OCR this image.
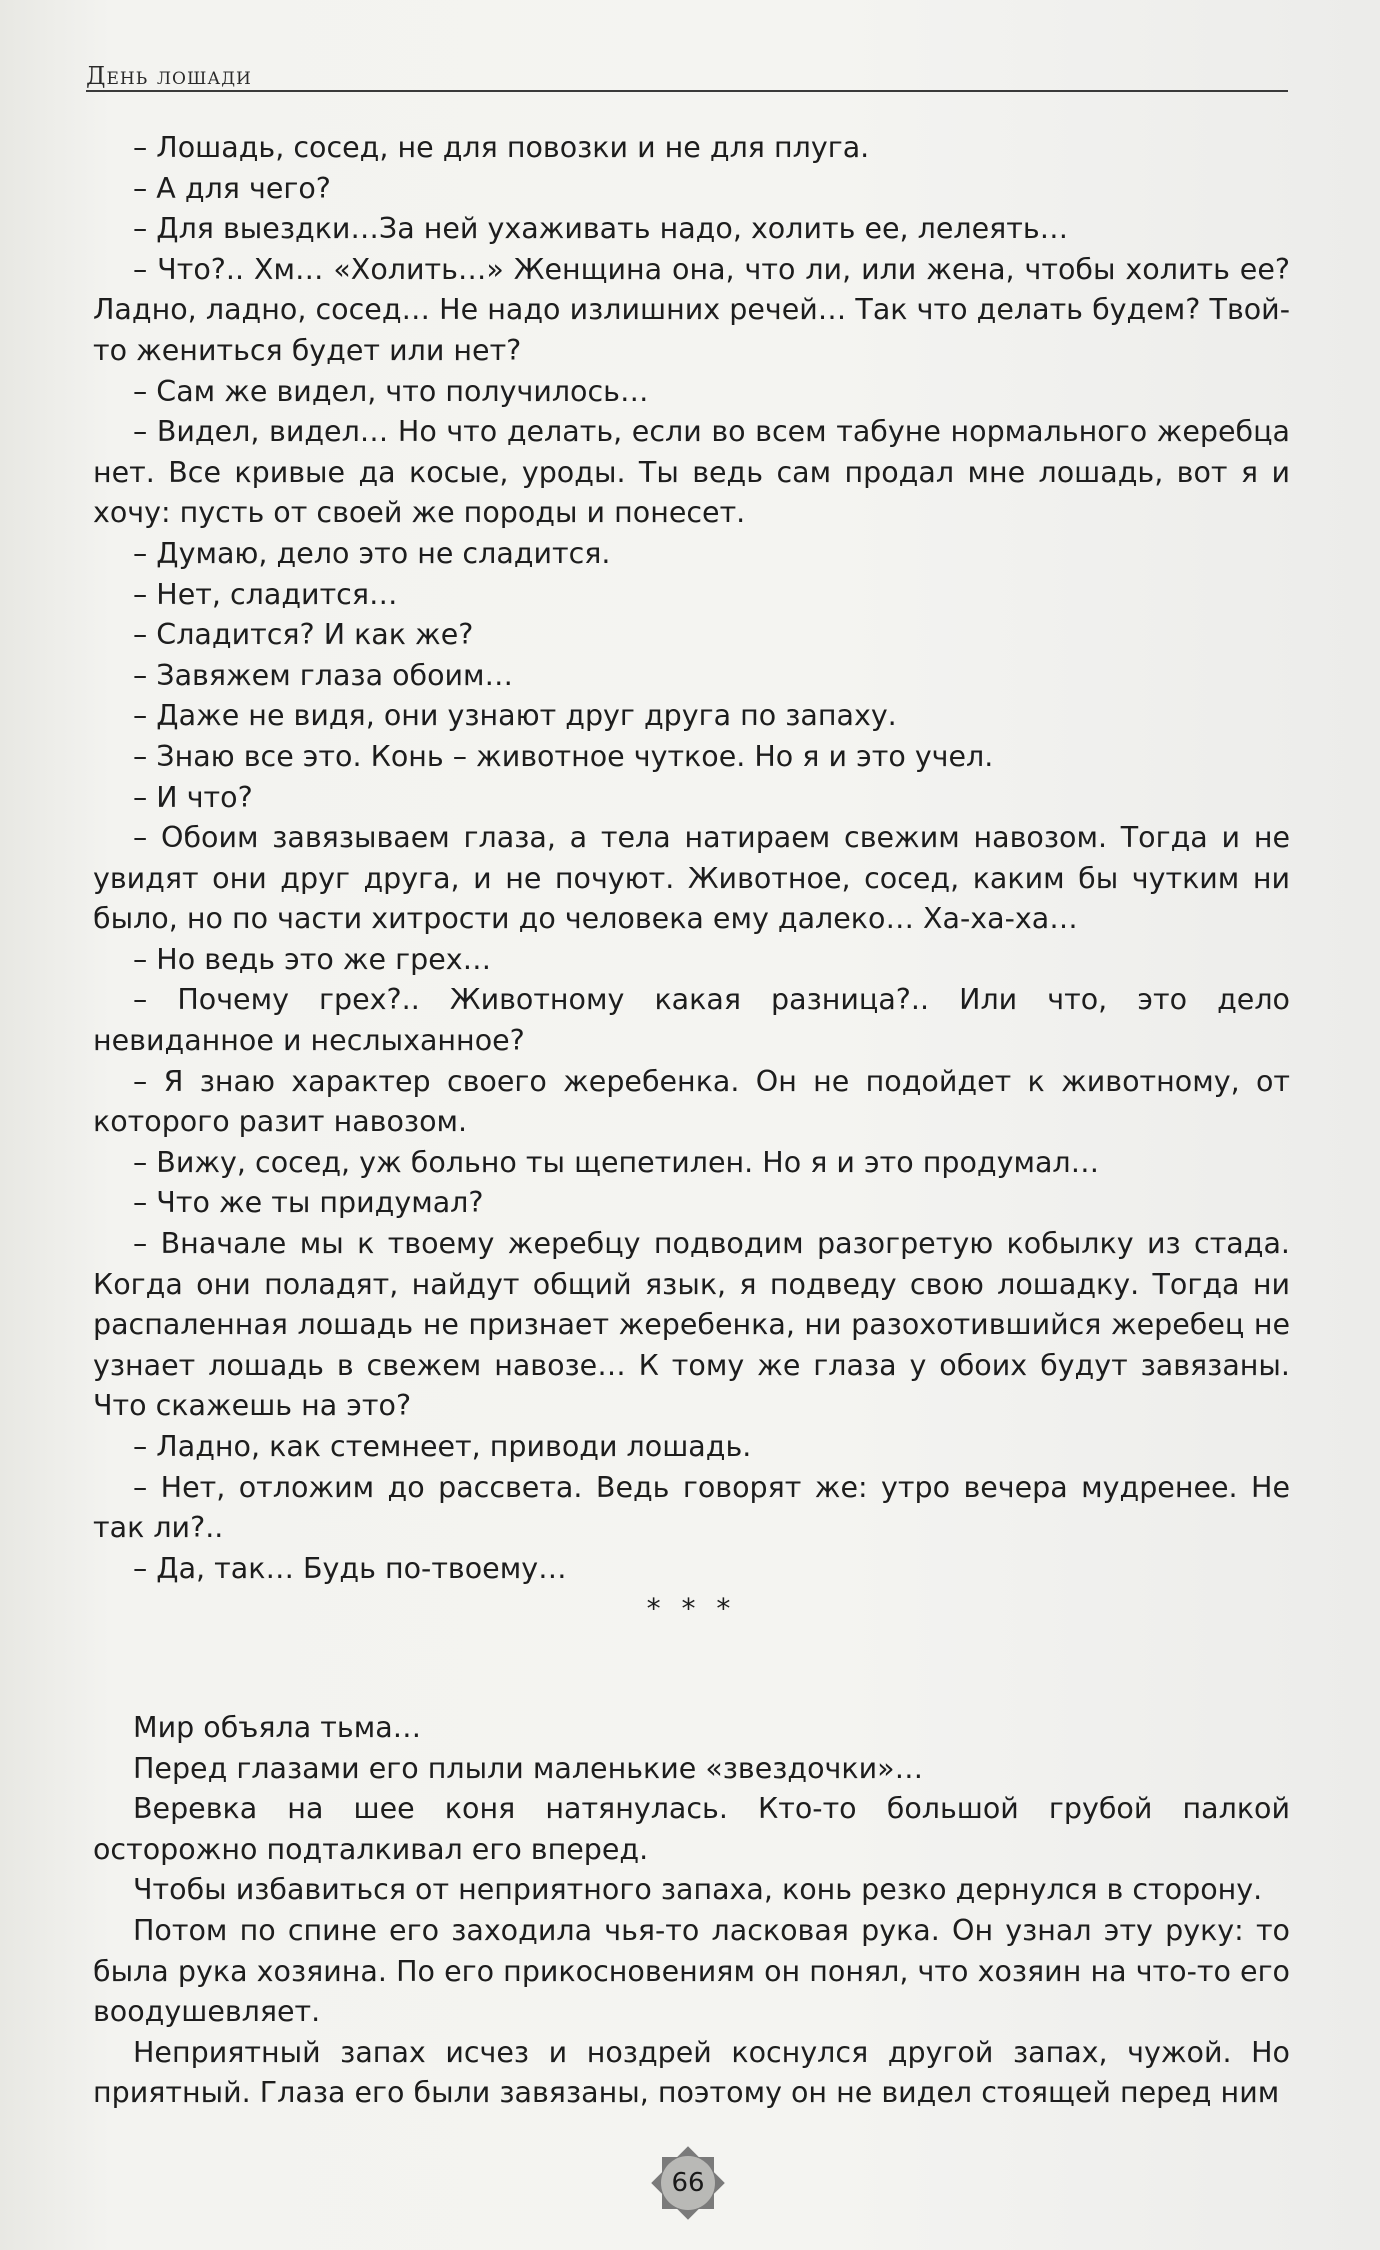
День лошади

– Лошадь, сосед, не для повозки и не для плуга.

– А для чего?

– Для выездки…За ней ухаживать надо, холить ее, лелеять…

– Что?.. Хм… «Холить…» Женщина она, что ли, или жена, чтобы холить ее? Ладно, ладно, сосед… Не надо излишних речей… Так что делать будем? Твой-то жениться будет или нет?

– Сам же видел, что получилось…

– Видел, видел… Но что делать, если во всем табуне нормального жеребца нет. Все кривые да косые, уроды. Ты ведь сам продал мне лошадь, вот я и хочу: пусть от своей же породы и понесет.

– Думаю, дело это не сладится.

– Нет, сладится…

– Сладится? И как же?

– Завяжем глаза обоим…

– Даже не видя, они узнают друг друга по запаху.

– Знаю все это. Конь – животное чуткое. Но я и это учел.

– И что?

– Обоим завязываем глаза, а тела натираем свежим навозом. Тогда и не увидят они друг друга, и не почуют. Животное, сосед, каким бы чутким ни было, но по части хитрости до человека ему далеко… Ха-ха-ха…

– Но ведь это же грех…

– Почему грех?.. Животному какая разница?.. Или что, это дело невиданное и неслыханное?

– Я знаю характер своего жеребенка. Он не подойдет к животному, от которого разит навозом.

– Вижу, сосед, уж больно ты щепетилен. Но я и это продумал…

– Что же ты придумал?

– Вначале мы к твоему жеребцу подводим разогретую кобылку из стада. Когда они поладят, найдут общий язык, я подведу свою лошадку. Тогда ни распаленная лошадь не признает жеребенка, ни разохотившийся жеребец не узнает лошадь в свежем навозе… К тому же глаза у обоих будут завязаны. Что скажешь на это?

– Ладно, как стемнеет, приводи лошадь.

– Нет, отложим до рассвета. Ведь говорят же: утро вечера мудренее. Не так ли?..

– Да, так… Будь по-твоему…

* * *

Мир объяла тьма…

Перед глазами его плыли маленькие «звездочки»…

Веревка на шее коня натянулась. Кто-то большой грубой палкой осторожно подталкивал его вперед.

Чтобы избавиться от неприятного запаха, конь резко дернулся в сторону.

Потом по спине его заходила чья-то ласковая рука. Он узнал эту руку: то была рука хозяина. По его прикосновениям он понял, что хозяин на что-то его воодушевляет.

Неприятный запах исчез и ноздрей коснулся другой запах, чужой. Но приятный. Глаза его были завязаны, поэтому он не видел стоящей перед ним

66
